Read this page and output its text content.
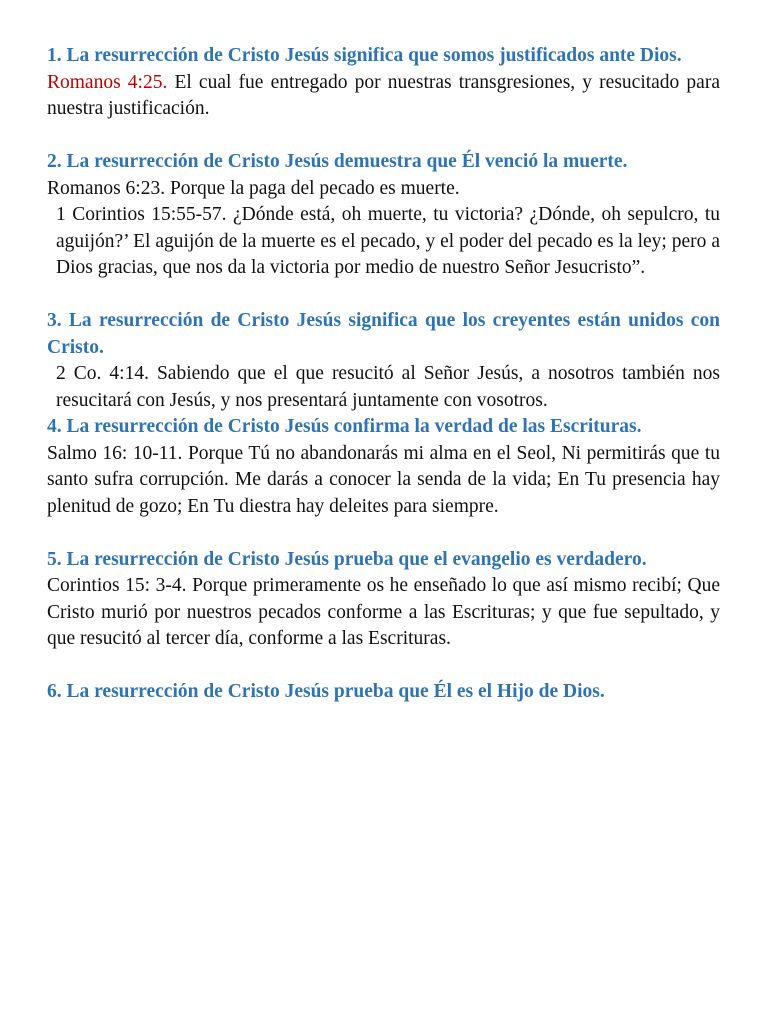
1. La resurrección de Cristo Jesús significa que somos justificados ante Dios.

Romanos 4:25. El cual fue entregado por nuestras transgresiones, y resucitado para nuestra justificación.

2. La resurrección de Cristo Jesús demuestra que Él venció la muerte.

Romanos 6:23. Porque la paga del pecado es muerte.

1 Corintios 15:55-57. ¿Dónde está, oh muerte, tu victoria? ¿Dónde, oh sepulcro, tu aguijón?’ El aguijón de la muerte es el pecado, y el poder del pecado es la ley; pero a Dios gracias, que nos da la victoria por medio de nuestro Señor Jesucristo”.

3. La resurrección de Cristo Jesús significa que los creyentes están unidos con Cristo.

2 Co. 4:14. Sabiendo que el que resucitó al Señor Jesús, a nosotros también nos resucitará con Jesús, y nos presentará juntamente con vosotros.

4. La resurrección de Cristo Jesús confirma la verdad de las Escrituras.

Salmo 16: 10-11. Porque Tú no abandonarás mi alma en el Seol, Ni permitirás que tu santo sufra corrupción. Me darás a conocer la senda de la vida; En Tu presencia hay plenitud de gozo; En Tu diestra hay deleites para siempre.

5. La resurrección de Cristo Jesús prueba que el evangelio es verdadero.

Corintios 15: 3-4. Porque primeramente os he enseñado lo que así mismo recibí; Que Cristo murió por nuestros pecados conforme a las Escrituras; y que fue sepultado, y que resucitó al tercer día, conforme a las Escrituras.

6. La resurrección de Cristo Jesús prueba que Él es el Hijo de Dios.
